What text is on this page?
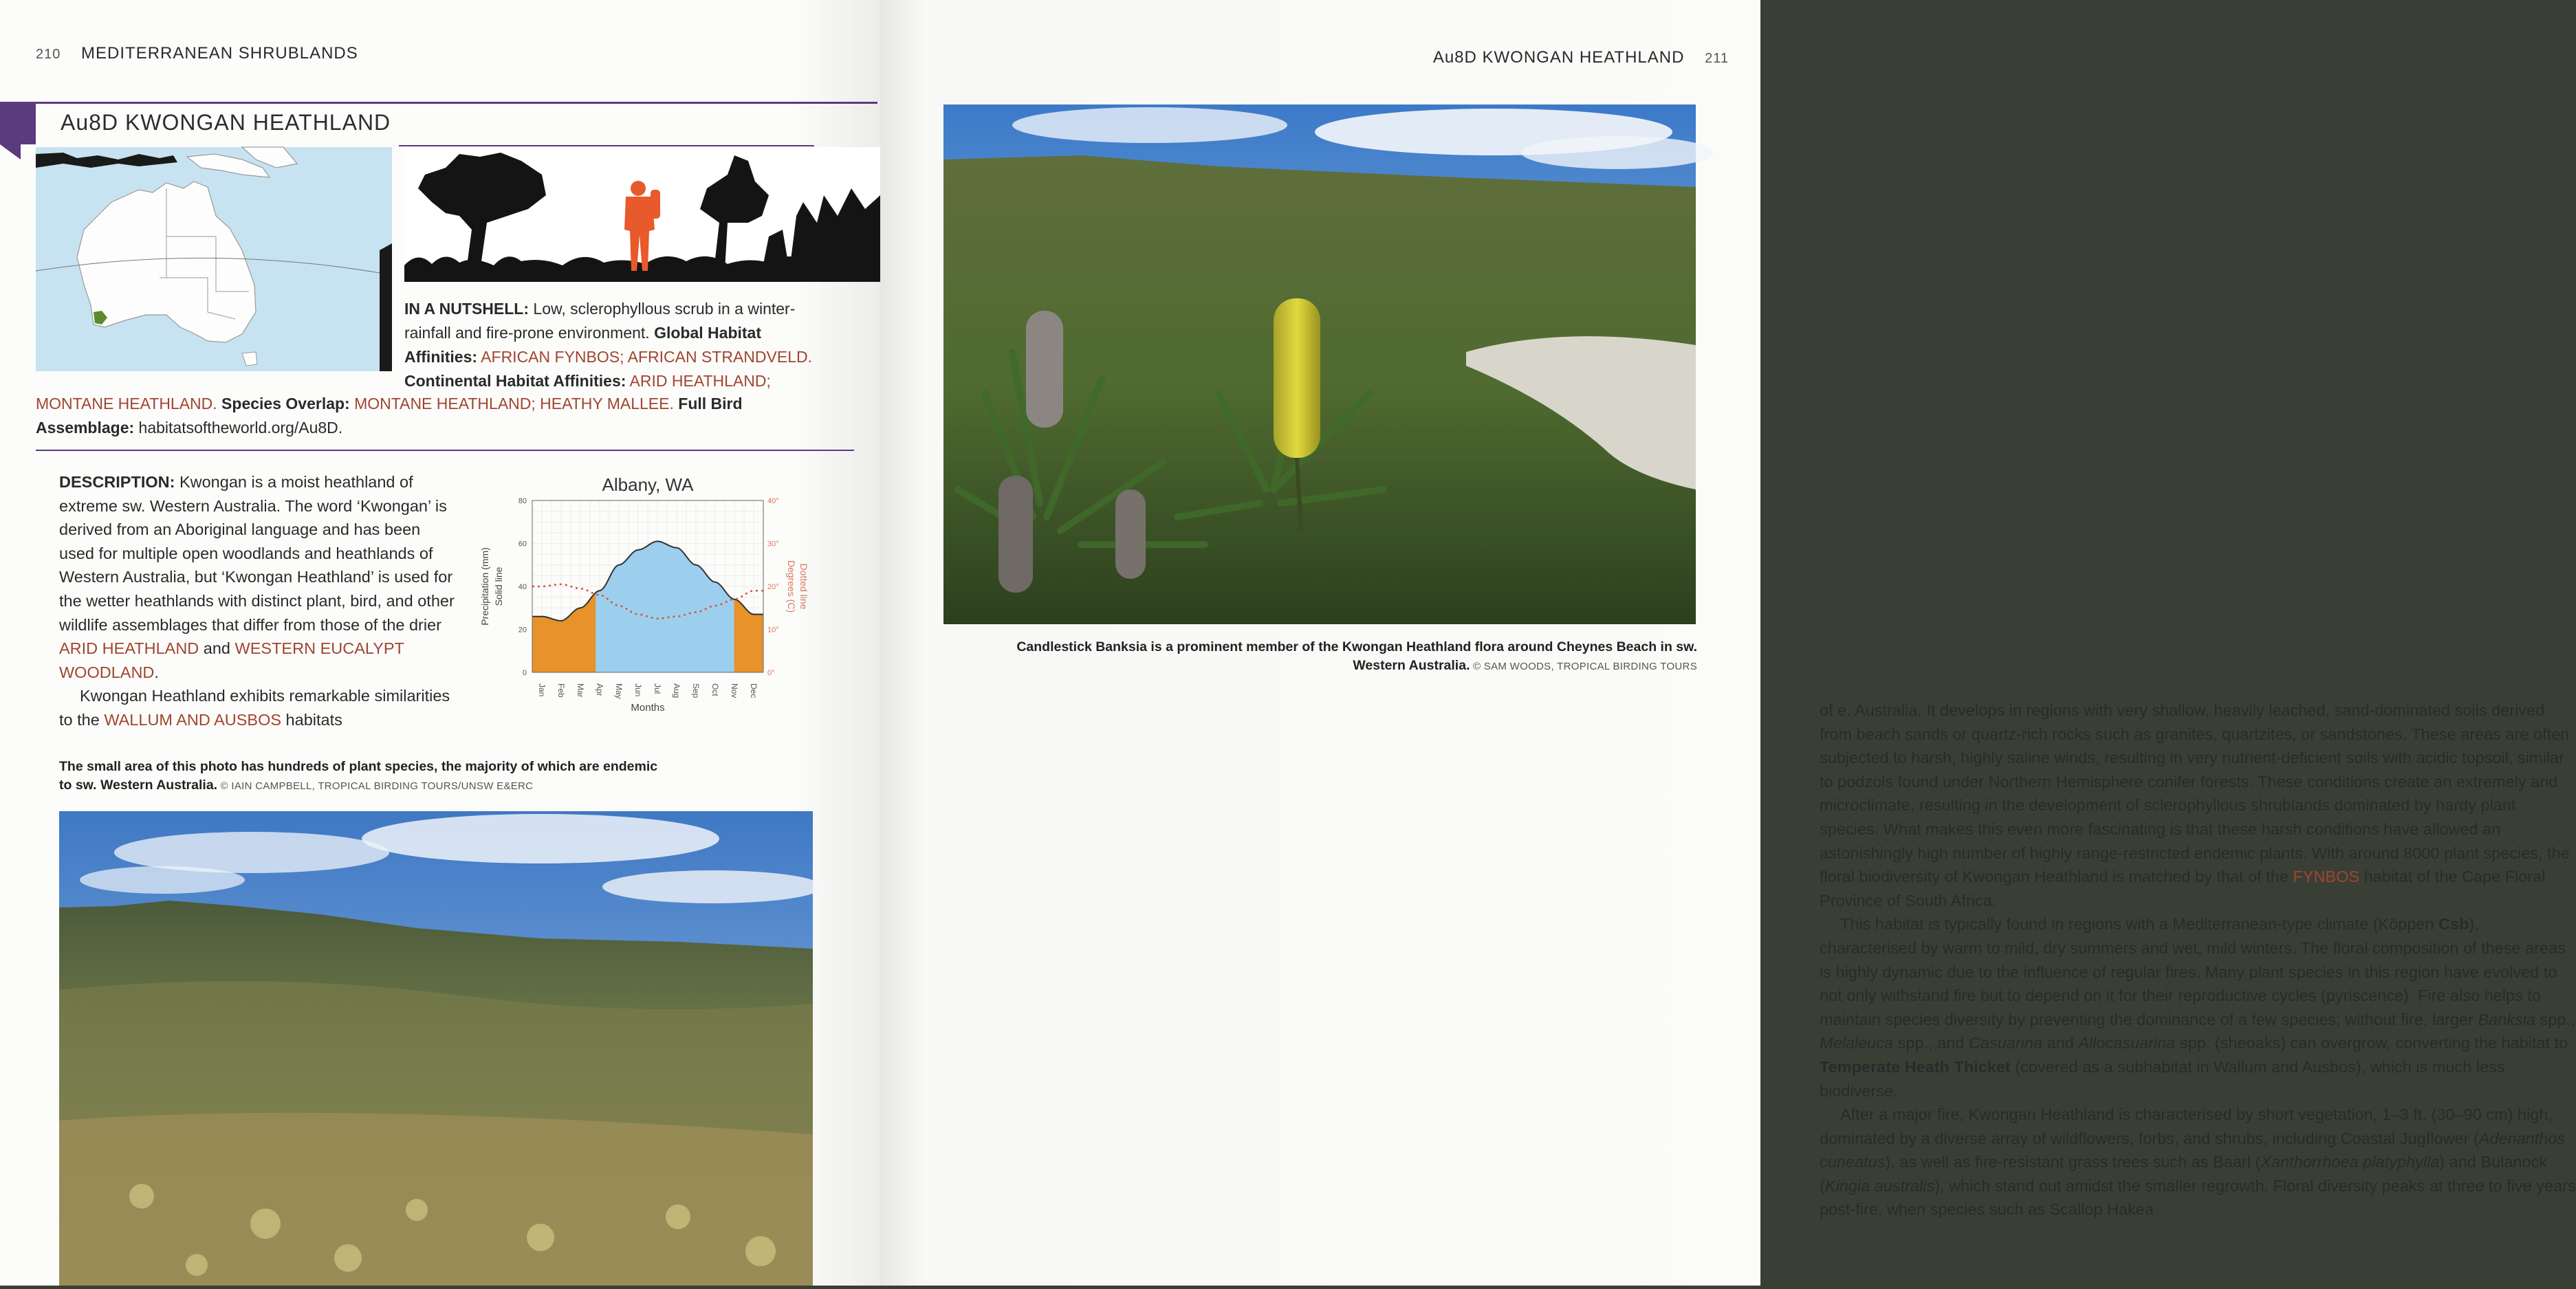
210 MEDITERRANEAN SHRUBLANDS
Au8D KWONGAN HEATHLAND
IN A NUTSHELL: Low, sclerophyllous scrub in a winter-rainfall and fire-prone environment. Global Habitat Affinities: AFRICAN FYNBOS; AFRICAN STRANDVELD. Continental Habitat Affinities: ARID HEATHLAND;
MONTANE HEATHLAND. Species Overlap: MONTANE HEATHLAND; HEATHY MALLEE. Full Bird Assemblage: habitatsoftheworld.org/Au8D.

DESCRIPTION: Kwongan is a moist heathland of extreme sw. Western Australia. The word ‘Kwongan’ is derived from an Aboriginal language and has been used for multiple open woodlands and heathlands of Western Australia, but ‘Kwongan Heathland’ is used for the wetter heathlands with distinct plant, bird, and other wildlife assemblages that differ from those of the drier ARID HEATHLAND and WESTERN EUCALYPT WOODLAND.

Kwongan Heathland exhibits remarkable similarities to the WALLUM AND AUSBOS habitats

Albany, WA
0
20
40
60
80
0°
10°
20°
30°
40°
Jan Feb Mar Apr May Jun Jul Aug Sep Oct Nov Dec
Months
Precipitation (mm) Solid line	Degrees (C) Dotted line
The small area of this photo has hundreds of plant species, the majority of which are endemic to sw. Western Australia. © IAIN CAMPBELL, TROPICAL BIRDING TOURS/UNSW E&ERC
Au8D KWONGAN HEATHLAND 211
Candlestick Banksia is a prominent member of the Kwongan Heathland flora around Cheynes Beach in sw. Western Australia. © SAM WOODS, TROPICAL BIRDING TOURS

of e. Australia. It develops in regions with very shallow, heavily leached, sand-dominated soils derived from beach sands or quartz-rich rocks such as granites, quartzites, or sandstones. These areas are often subjected to harsh, highly saline winds, resulting in very nutrient-deficient soils with acidic topsoil, similar to podzols found under Northern Hemisphere conifer forests. These conditions create an extremely arid microclimate, resulting in the development of sclerophyllous shrublands dominated by hardy plant species. What makes this even more fascinating is that these harsh conditions have allowed an astonishingly high number of highly range-restricted endemic plants. With around 8000 plant species, the floral biodiversity of Kwongan Heathland is matched by that of the FYNBOS habitat of the Cape Floral Province of South Africa.

This habitat is typically found in regions with a Mediterranean-type climate (Köppen Csb), characterised by warm to mild, dry summers and wet, mild winters. The floral composition of these areas is highly dynamic due to the influence of regular fires. Many plant species in this region have evolved to not only withstand fire but to depend on it for their reproductive cycles (pyriscence). Fire also helps to maintain species diversity by preventing the dominance of a few species; without fire, larger Banksia spp., Melaleuca spp., and Casuarina and Allocasuarina spp. (sheoaks) can overgrow, converting the habitat to Temperate Heath Thicket (covered as a subhabitat in Wallum and Ausbos), which is much less biodiverse.

After a major fire, Kwongan Heathland is characterised by short vegetation, 1–3 ft. (30–90 cm) high, dominated by a diverse array of wildflowers, forbs, and shrubs, including Coastal Jugflower (Adenanthos cuneatus), as well as fire-resistant grass trees such as Baarl (Xanthorrhoea platyphylla) and Bulanock (Kingia australis), which stand out amidst the smaller regrowth. Floral diversity peaks at three to five years post-fire, when species such as Scallop Hakea
